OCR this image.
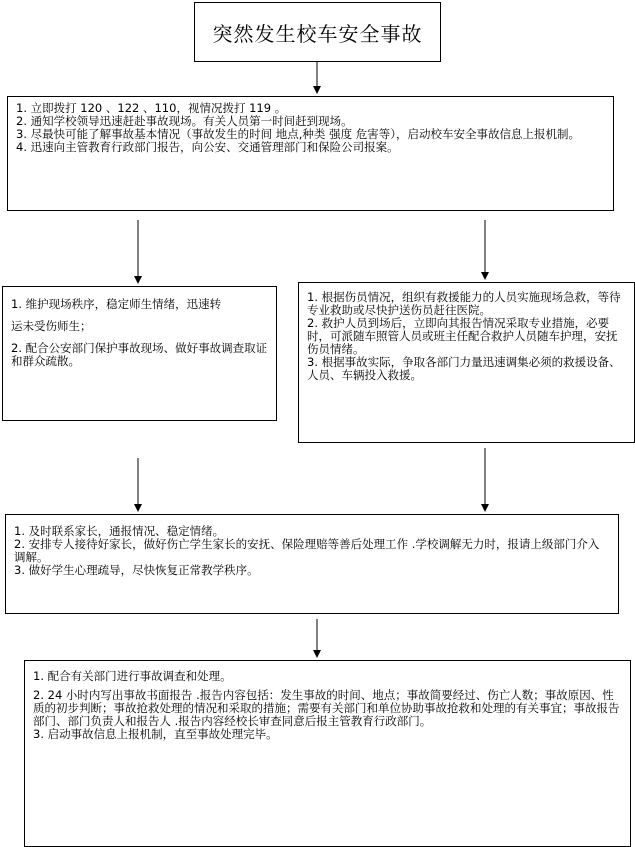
突然发生校车安全事故

1. 立即拨打 120 、122 、110，视情况拨打 119 。

2. 通知学校领导迅速赶赴事故现场。有关人员第一时间赶到现场。

3. 尽最快可能了解事故基本情况（事故发生的时间 地点,种类 强度 危害等），启动校车安全事故信息上报机制。

4. 迅速向主管教育行政部门报告，向公安、交通管理部门和保险公司报案。

1. 维护现场秩序，稳定师生情绪，迅速转

运未受伤师生；

2. 配合公安部门保护事故现场、做好事故调查取证和群众疏散。

1. 根据伤员情况，组织有救援能力的人员实施现场急救，等待专业救助或尽快护送伤员赶往医院。

2. 救护人员到场后，立即向其报告情况采取专业措施，必要时，可派随车照管人员或班主任配合救护人员随车护理，安抚伤员情绪。

3. 根据事故实际，争取各部门力量迅速调集必须的救援设备、人员、车辆投入救援。

1. 及时联系家长，通报情况、稳定情绪。

2. 安排专人接待好家长，做好伤亡学生家长的安抚、保险理赔等善后处理工作 .学校调解无力时，报请上级部门介入调解。

3. 做好学生心理疏导，尽快恢复正常教学秩序。

1. 配合有关部门进行事故调查和处理。

2. 24 小时内写出事故书面报告 .报告内容包括：发生事故的时间、地点；事故简要经过、伤亡人数；事故原因、性质的初步判断；事故抢救处理的情况和采取的措施；需要有关部门和单位协助事故抢救和处理的有关事宜；事故报告部门、部门负责人和报告人 .报告内容经校长审查同意后报主管教育行政部门。

3. 启动事故信息上报机制，直至事故处理完毕。
